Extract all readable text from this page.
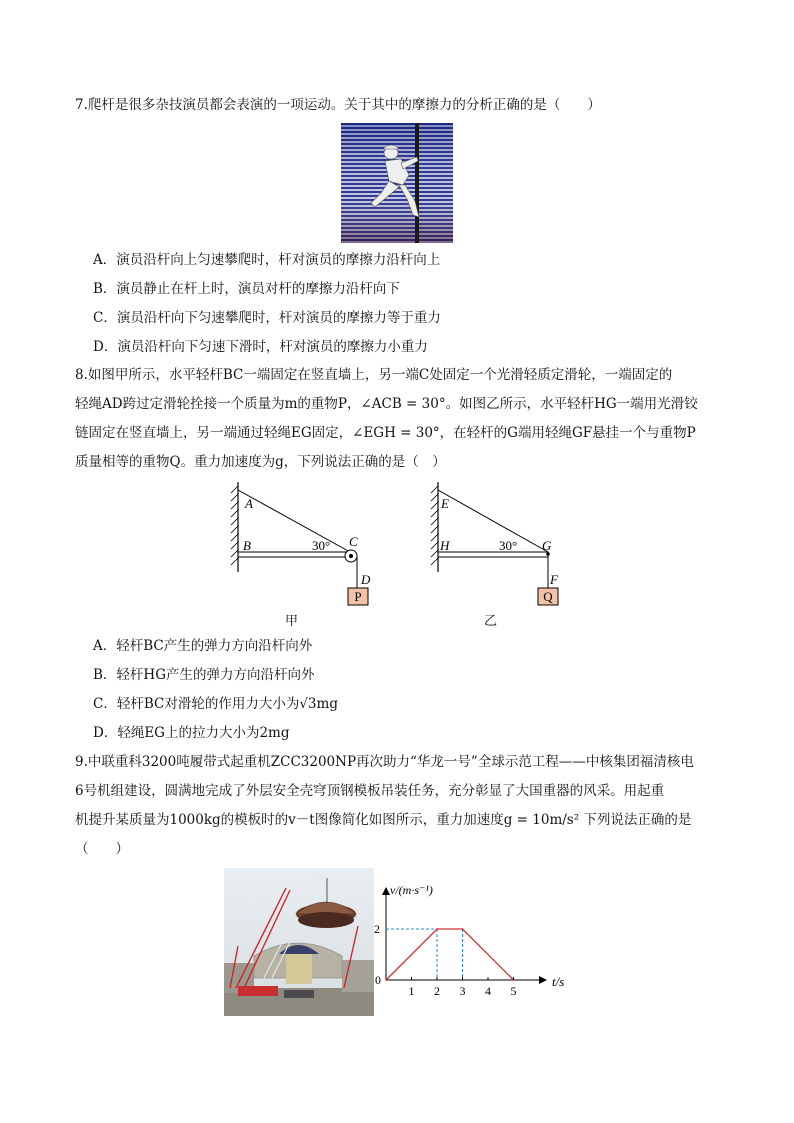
7.爬杆是很多杂技演员都会表演的一项运动。关于其中的摩擦力的分析正确的是（　　）
A．演员沿杆向上匀速攀爬时，杆对演员的摩擦力沿杆向上
B．演员静止在杆上时，演员对杆的摩擦力沿杆向下
C．演员沿杆向下匀速攀爬时，杆对演员的摩擦力等于重力
D．演员沿杆向下匀速下滑时，杆对演员的摩擦力小重力
8.如图甲所示，水平轻杆BC一端固定在竖直墙上，另一端C处固定一个光滑轻质定滑轮，一端固定的
轻绳AD跨过定滑轮拴接一个质量为m的重物P，∠ACB = 30°。如图乙所示，水平轻杆HG一端用光滑铰
链固定在竖直墙上，另一端通过轻绳EG固定，∠EGH = 30°，在轻杆的G端用轻绳GF悬挂一个与重物P
质量相等的重物Q。重力加速度为g，下列说法正确的是（　）
P
A
B	C
D
30°
甲
Q
E
H	G
F
30°
乙
A．轻杆BC产生的弹力方向沿杆向外
B．轻杆HG产生的弹力方向沿杆向外
C．轻杆BC对滑轮的作用力大小为√3mg
D．轻绳EG上的拉力大小为2mg
9.中联重科3200吨履带式起重机ZCC3200NP再次助力“华龙一号”全球示范工程——中核集团福清核电
6号机组建设，圆满地完成了外层安全壳穹顶钢模板吊装任务，充分彰显了大国重器的风采。用起重
机提升某质量为1000kg的模板时的v－t图像简化如图所示，重力加速度g = 10m/s² 下列说法正确的是
（　　）
v/(m·s⁻¹)
t/s
0
1 2 3 4 5
2
